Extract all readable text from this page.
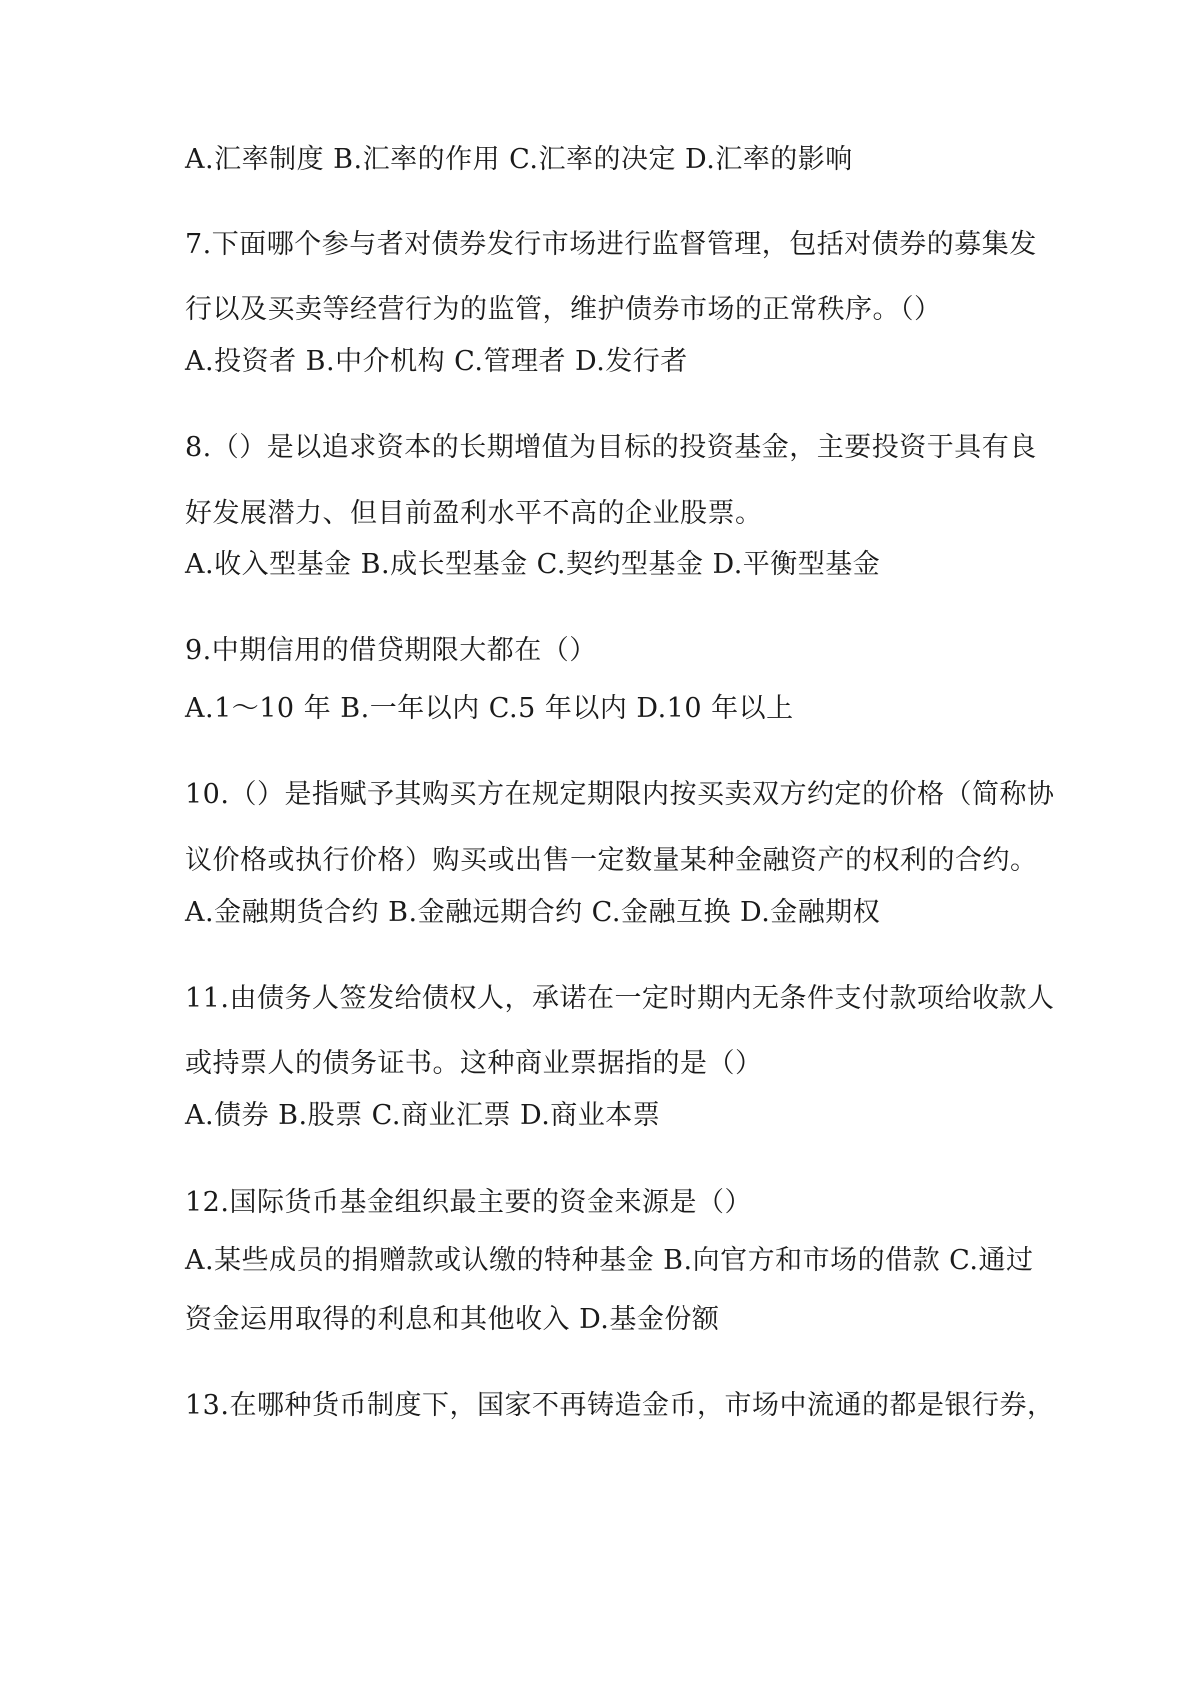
A.汇率制度 B.汇率的作用 C.汇率的决定 D.汇率的影响
7.下面哪个参与者对债券发行市场进行监督管理，包括对债券的募集发
行以及买卖等经营行为的监管，维护债券市场的正常秩序。（）
A.投资者 B.中介机构 C.管理者 D.发行者
8.（）是以追求资本的长期增值为目标的投资基金，主要投资于具有良
好发展潜力、但目前盈利水平不高的企业股票。
A.收入型基金 B.成长型基金 C.契约型基金 D.平衡型基金
9.中期信用的借贷期限大都在（）
A.1～10 年 B.一年以内 C.5 年以内 D.10 年以上
10.（）是指赋予其购买方在规定期限内按买卖双方约定的价格（简称协
议价格或执行价格）购买或出售一定数量某种金融资产的权利的合约。
A.金融期货合约 B.金融远期合约 C.金融互换 D.金融期权
11.由债务人签发给债权人，承诺在一定时期内无条件支付款项给收款人
或持票人的债务证书。这种商业票据指的是（）
A.债券 B.股票 C.商业汇票 D.商业本票
12.国际货币基金组织最主要的资金来源是（）
A.某些成员的捐赠款或认缴的特种基金 B.向官方和市场的借款 C.通过
资金运用取得的利息和其他收入 D.基金份额
13.在哪种货币制度下，国家不再铸造金币，市场中流通的都是银行券，
